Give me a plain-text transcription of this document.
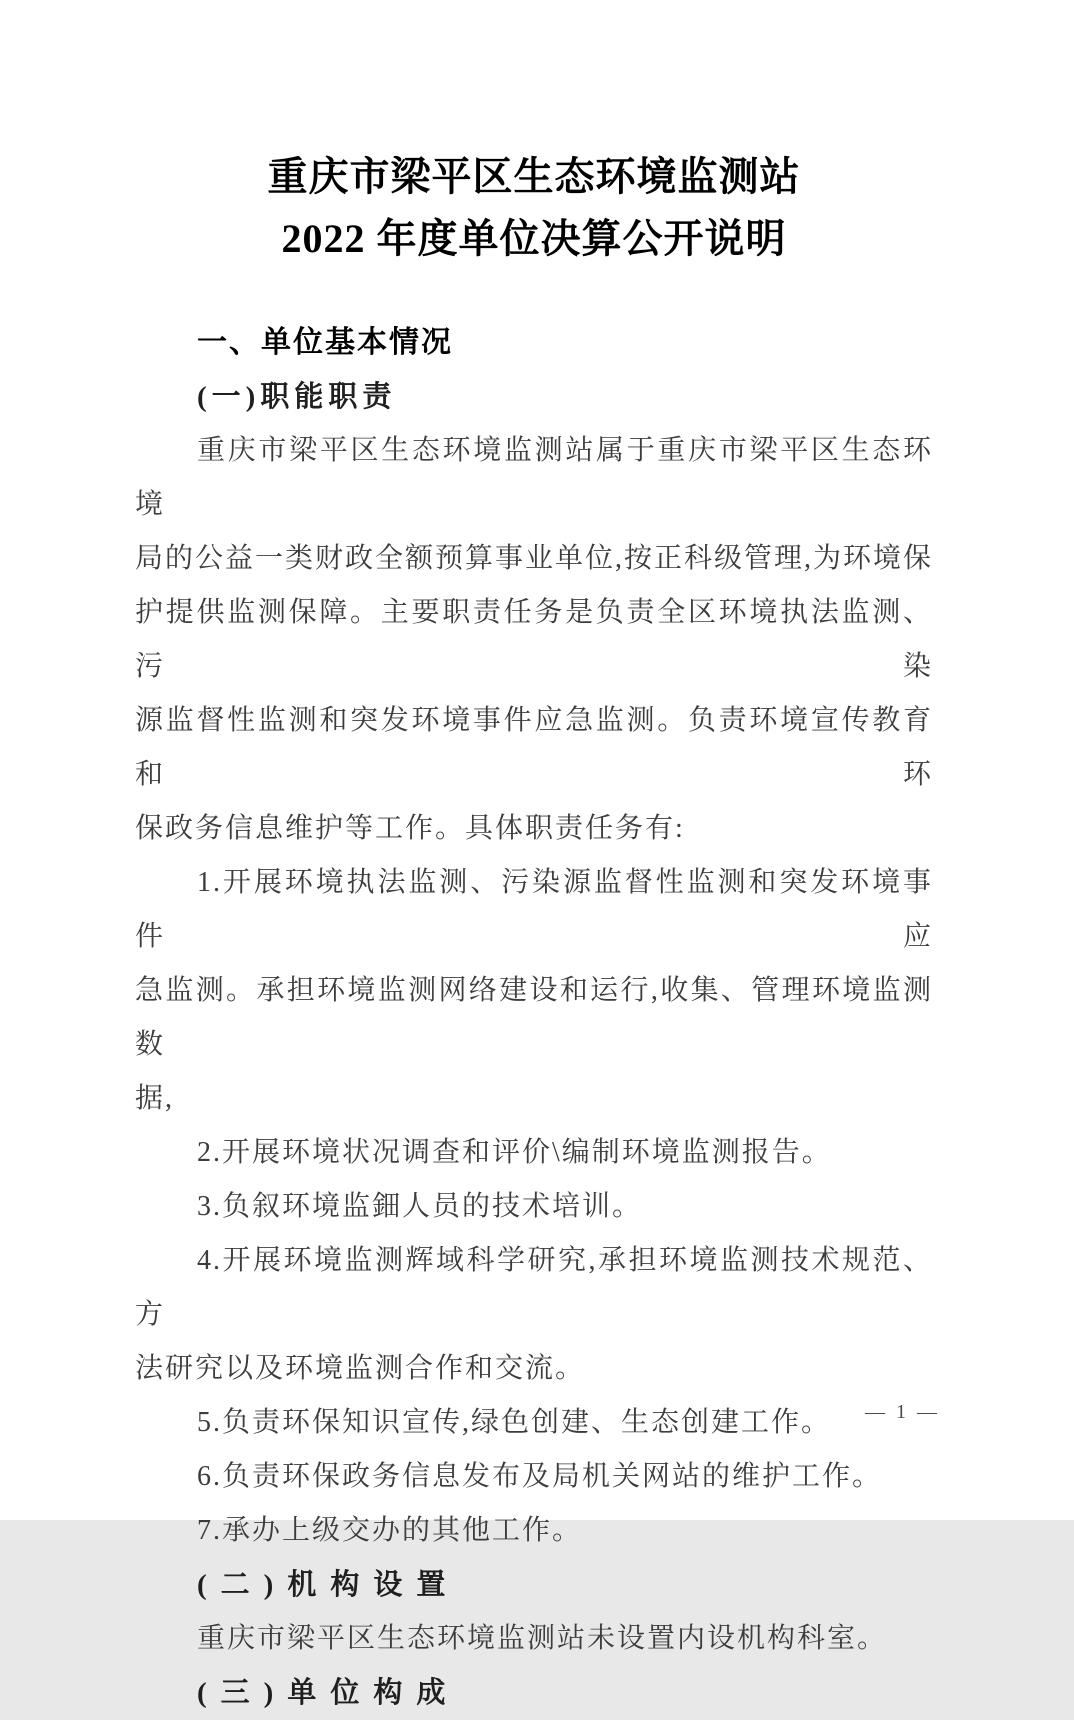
重庆市梁平区生态环境监测站
2022 年度单位决算公开说明
一、单位基本情况
(一)职能职责
重庆市梁平区生态环境监测站属于重庆市梁平区生态环境
局的公益一类财政全额预算事业单位,按正科级管理,为环境保
护提供监测保障。主要职责任务是负责全区环境执法监测、污染
源监督性监测和突发环境事件应急监测。负责环境宣传教育和环
保政务信息维护等工作。具体职责任务有:
1.开展环境执法监测、污染源监督性监测和突发环境事件应
急监测。承担环境监测网络建设和运行,收集、管理环境监测数
据,
2.开展环境状况调查和评价\编制环境监测报告。
3.负叙环境监鈿人员的技术培训。
4.开展环境监测辉域科学研究,承担环境监测技术规范、方
法研究以及环境监测合作和交流。
5.负责环保知识宣传,绿色创建、生态创建工作。
6.负责环保政务信息发布及局机关网站的维护工作。
7.承办上级交办的其他工作。
(二)机构设置
重庆市梁平区生态环境监测站未设置内设机构科室。
(三)单位构成
— 1 —
